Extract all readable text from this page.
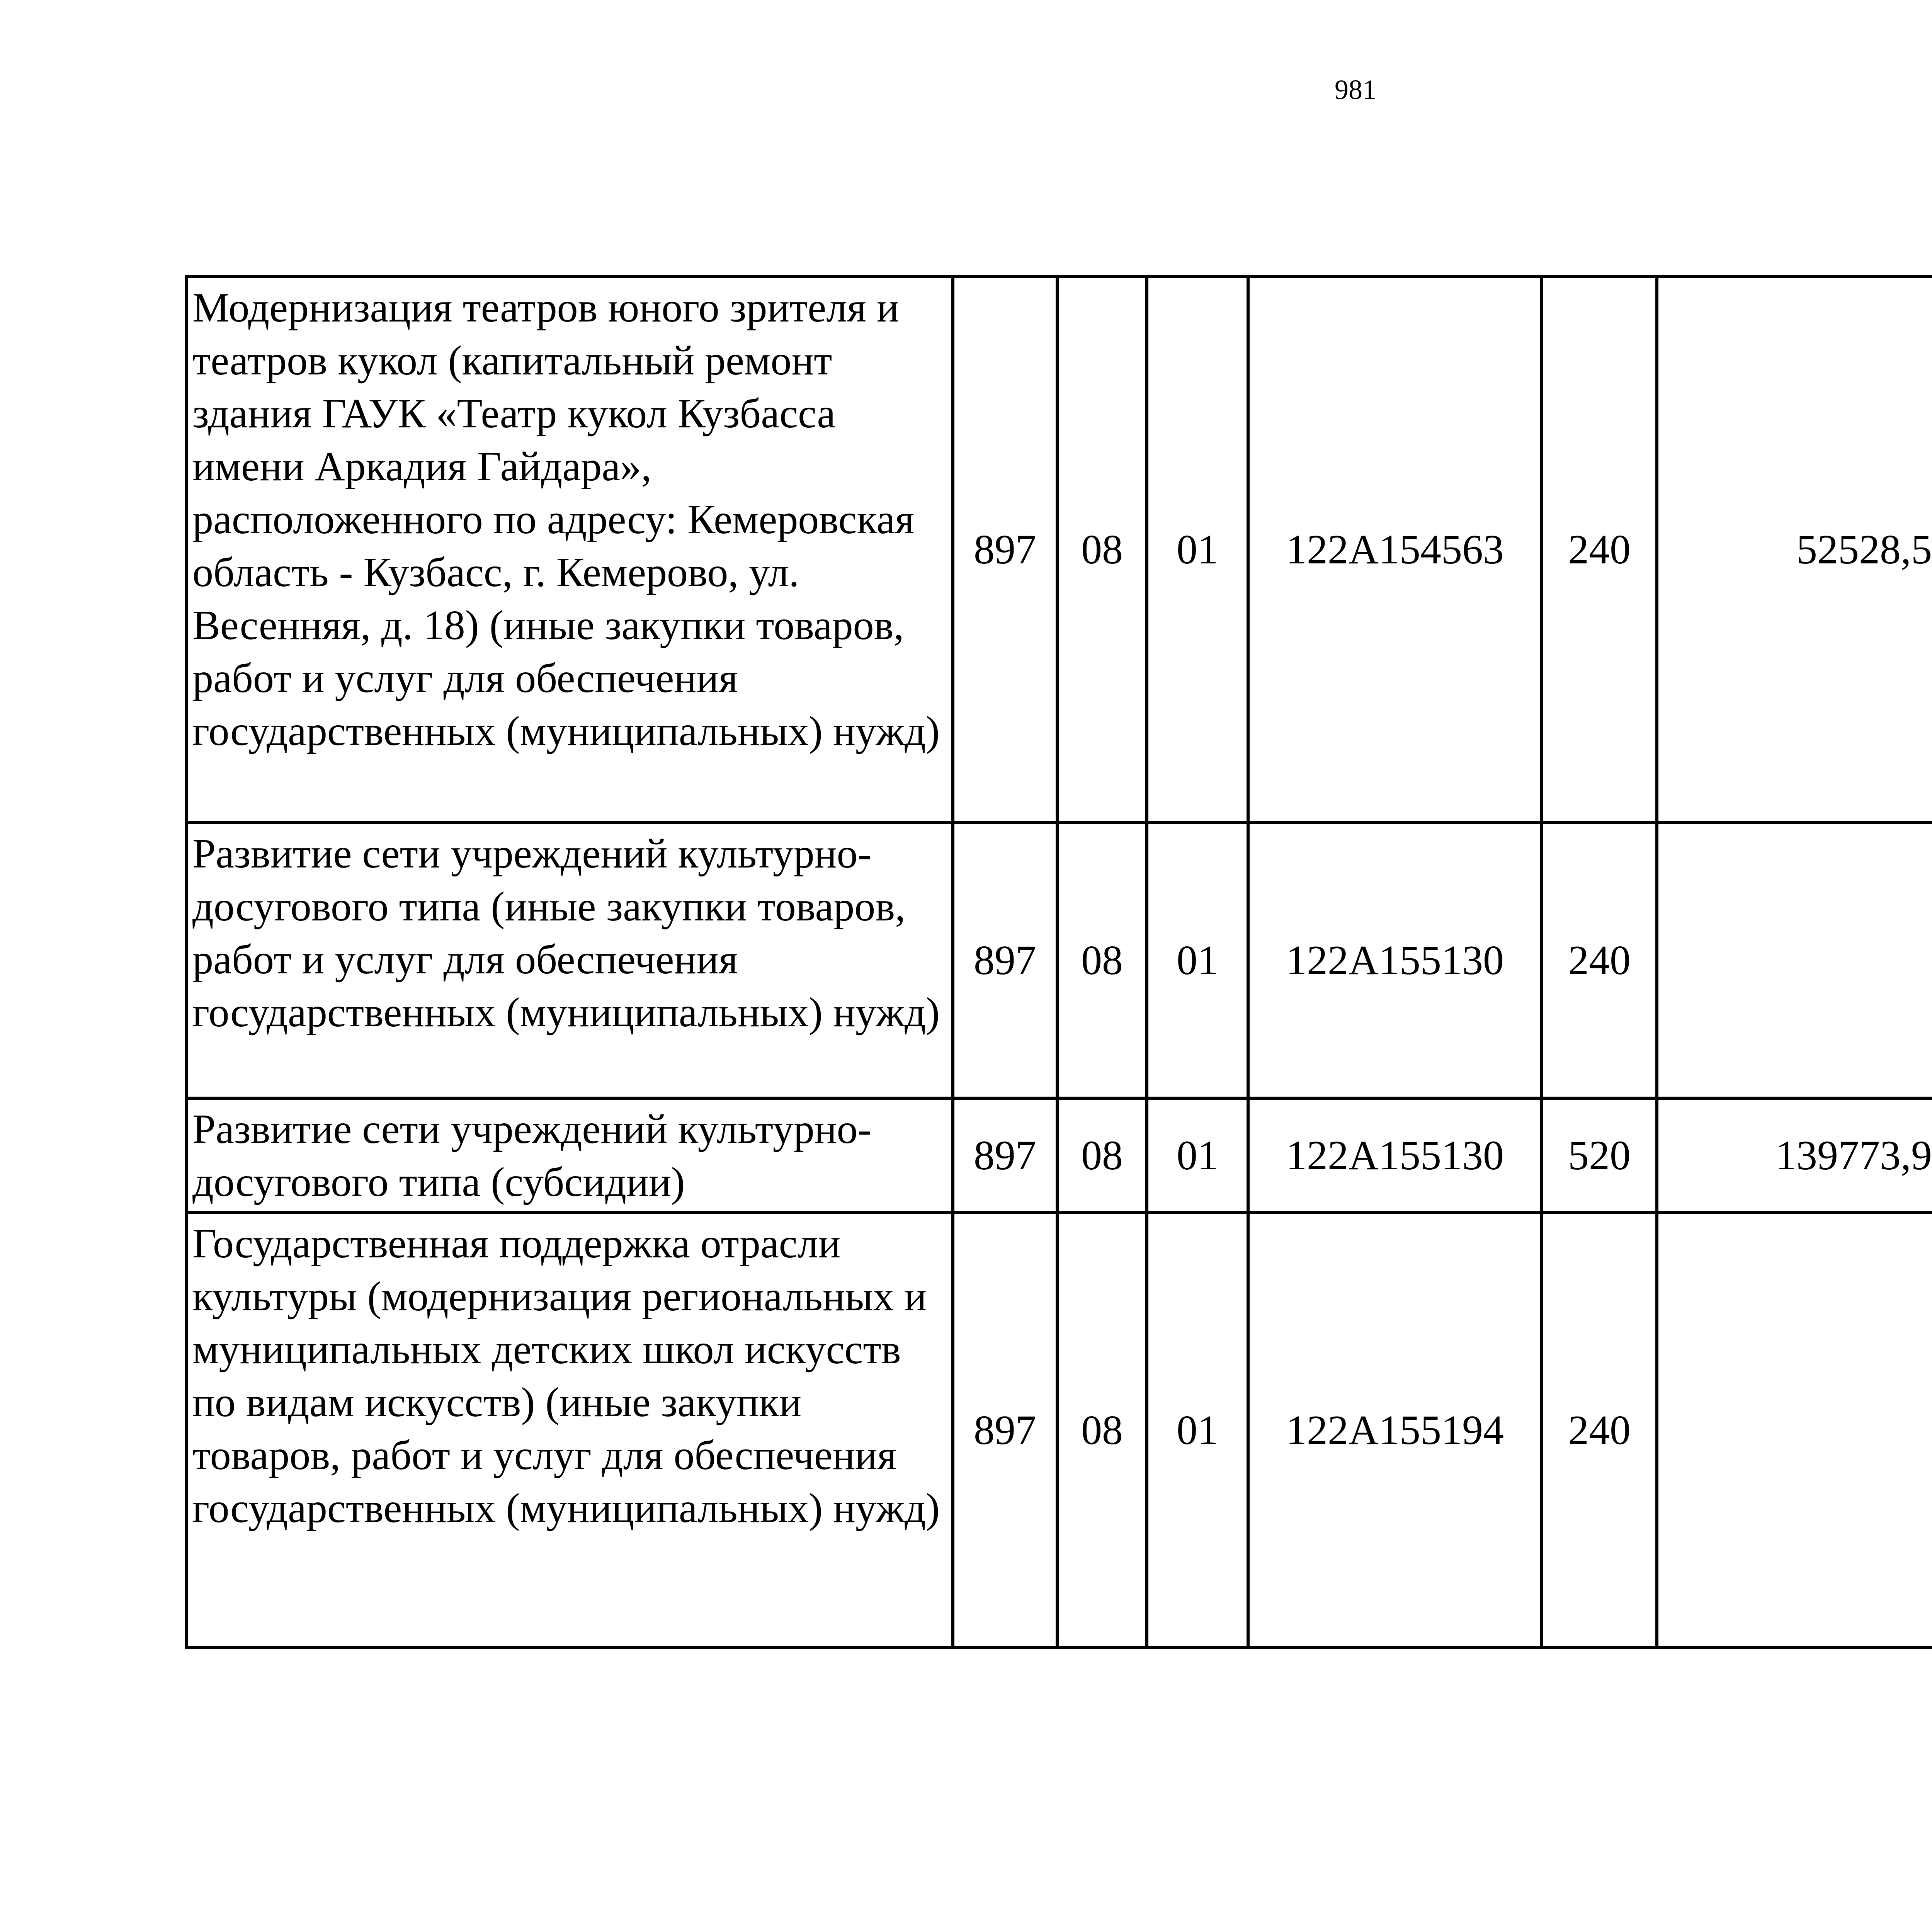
981
Модернизация театров юного зрителя и театров кукол (капитальный ремонт здания ГАУК «Театр кукол Кузбасса имени Аркадия Гайдара», расположенного по адресу: Кемеровская область - Кузбасс, г. Кемерово, ул. Весенняя, д. 18) (иные закупки товаров, работ и услуг для обеспечения государственных (муниципальных) нужд)	897	08	01	122А154563	240	52528,5		
Развитие сети учреждений культурно-досугового типа (иные закупки товаров, работ и услуг для обеспечения государственных (муниципальных) нужд)	897	08	01	122А155130	240			
Развитие сети учреждений культурно-досугового типа (субсидии)	897	08	01	122А155130	520	139773,9		
Государственная поддержка отрасли культуры (модернизация региональных и муниципальных детских школ искусств по видам искусств) (иные закупки товаров, работ и услуг для обеспечения государственных (муниципальных) нужд)	897	08	01	122А155194	240			
